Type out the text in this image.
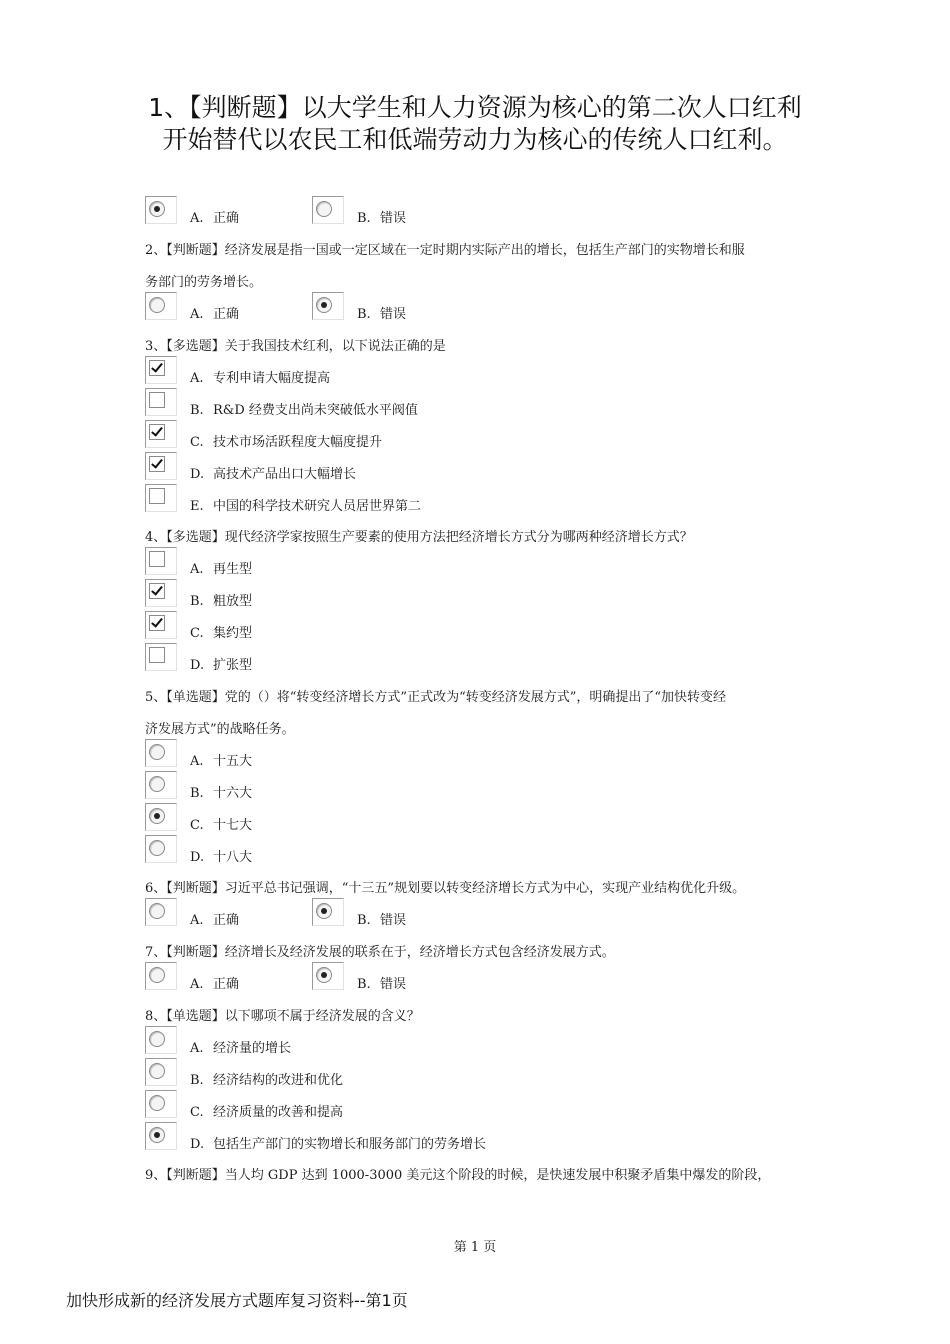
1、【判断题】以大学生和人力资源为核心的第二次人口红利开始替代以农民工和低端劳动力为核心的传统人口红利。
A. 正确	B. 错误
2、【判断题】经济发展是指一国或一定区域在一定时期内实际产出的增长，包括生产部门的实物增长和服
务部门的劳务增长。
A. 正确	B. 错误
3、【多选题】关于我国技术红利，以下说法正确的是
A. 专利申请大幅度提高
B. R&D 经费支出尚未突破低水平阀值
C. 技术市场活跃程度大幅度提升
D. 高技术产品出口大幅增长
E. 中国的科学技术研究人员居世界第二
4、【多选题】现代经济学家按照生产要素的使用方法把经济增长方式分为哪两种经济增长方式？
A. 再生型
B. 粗放型
C. 集约型
D. 扩张型
5、【单选题】党的（）将“转变经济增长方式”正式改为“转变经济发展方式”，明确提出了“加快转变经
济发展方式”的战略任务。
A. 十五大
B. 十六大
C. 十七大
D. 十八大
6、【判断题】习近平总书记强调，“十三五”规划要以转变经济增长方式为中心，实现产业结构优化升级。
A. 正确	B. 错误
7、【判断题】经济增长及经济发展的联系在于，经济增长方式包含经济发展方式。
A. 正确	B. 错误
8、【单选题】以下哪项不属于经济发展的含义？
A. 经济量的增长
B. 经济结构的改进和优化
C. 经济质量的改善和提高
D. 包括生产部门的实物增长和服务部门的劳务增长
9、【判断题】当人均 GDP 达到 1000-3000 美元这个阶段的时候，是快速发展中积聚矛盾集中爆发的阶段，
第 1 页
加快形成新的经济发展方式题库复习资料--第1页
